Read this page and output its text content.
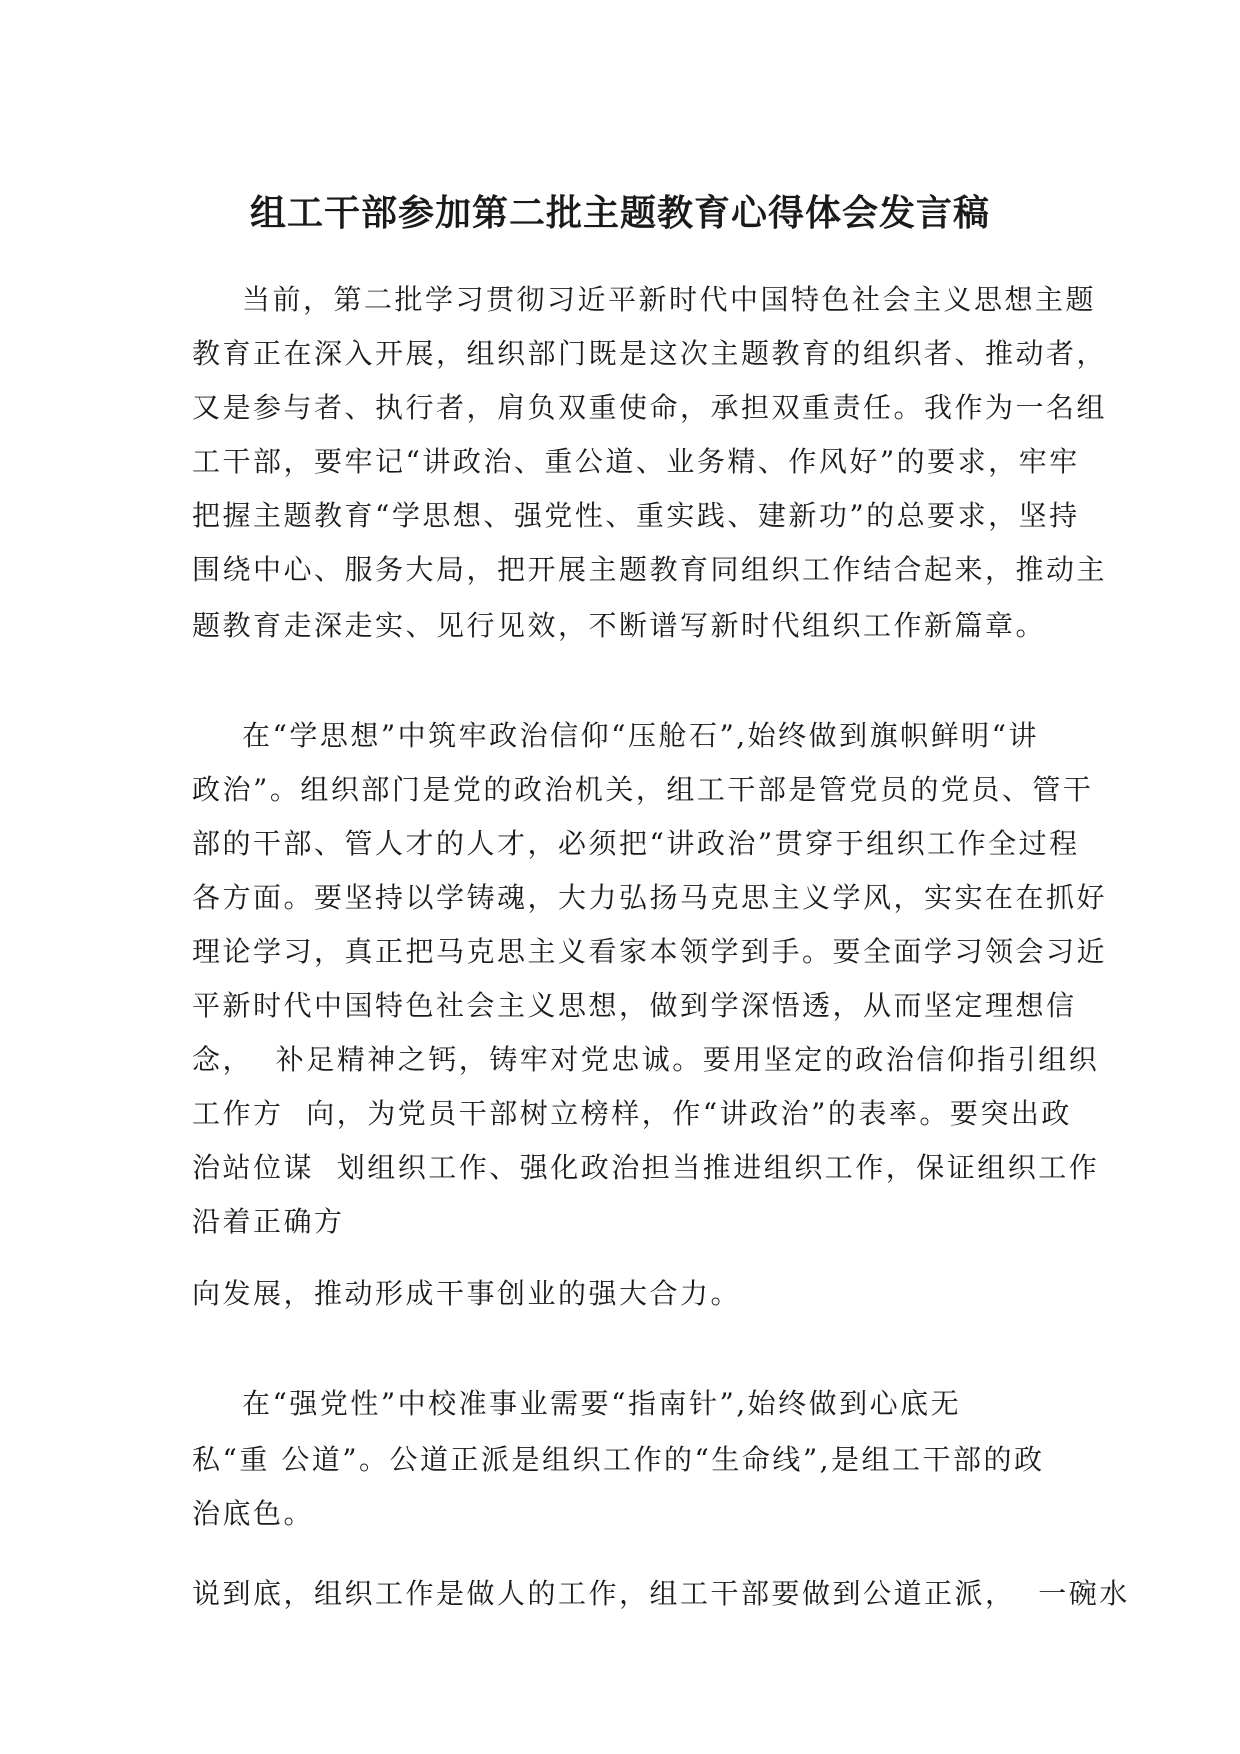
组工干部参加第二批主题教育心得体会发言稿
当前，第二批学习贯彻习近平新时代中国特色社会主义思想主题
教育正在深入开展，组织部门既是这次主题教育的组织者、推动者，
又是参与者、执行者，肩负双重使命，承担双重责任。我作为一名组
工干部，要牢记“讲政治、重公道、业务精、作风好”的要求，牢牢
把握主题教育“学思想、强党性、重实践、建新功”的总要求，坚持
围绕中心、服务大局，把开展主题教育同组织工作结合起来，推动主
题教育走深走实、见行见效，不断谱写新时代组织工作新篇章。
在“学思想”中筑牢政治信仰“压舱石”,始终做到旗帜鲜明“讲
政治”。组织部门是党的政治机关，组工干部是管党员的党员、管干
部的干部、管人才的人才，必须把“讲政治”贯穿于组织工作全过程
各方面。要坚持以学铸魂，大力弘扬马克思主义学风，实实在在抓好
理论学习，真正把马克思主义看家本领学到手。要全面学习领会习近
平新时代中国特色社会主义思想，做到学深悟透，从而坚定理想信
念，  补足精神之钙，铸牢对党忠诚。要用坚定的政治信仰指引组织
工作方  向，为党员干部树立榜样，作“讲政治”的表率。要突出政
治站位谋  划组织工作、强化政治担当推进组织工作，保证组织工作
沿着正确方
向发展，推动形成干事创业的强大合力。
在“强党性”中校准事业需要“指南针”,始终做到心底无
私“重 公道”。公道正派是组织工作的“生命线”,是组工干部的政
治底色。
说到底，组织工作是做人的工作，组工干部要做到公道正派，  一碗水
